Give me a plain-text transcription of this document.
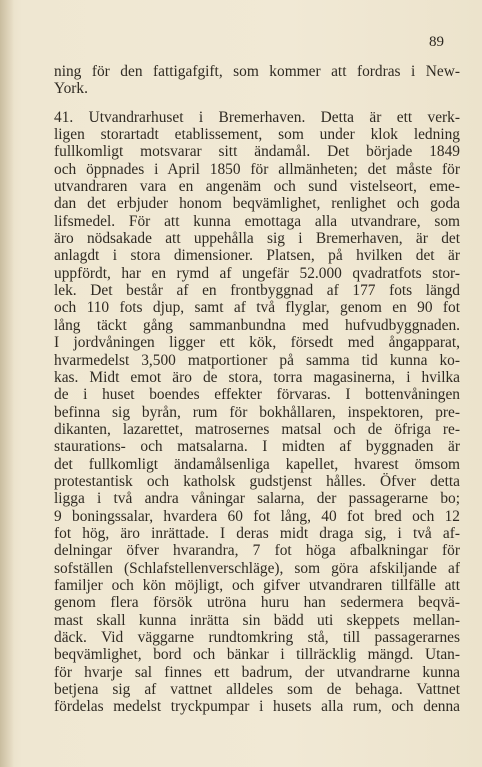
89
ning för den fattigafgift, som kommer att fordras i New-
York.
41. Utvandrarhuset i Bremerhaven. Detta är ett verk-
ligen storartadt etablissement, som under klok ledning
fullkomligt motsvarar sitt ändamål. Det började 1849
och öppnades i April 1850 för allmänheten; det måste för
utvandraren vara en angenäm och sund vistelseort, eme-
dan det erbjuder honom beqvämlighet, renlighet och goda
lifsmedel. För att kunna emottaga alla utvandrare, som
äro nödsakade att uppehålla sig i Bremerhaven, är det
anlagdt i stora dimensioner. Platsen, på hvilken det är
uppfördt, har en rymd af ungefär 52.000 qvadratfots stor-
lek. Det består af en frontbyggnad af 177 fots längd
och 110 fots djup, samt af två flyglar, genom en 90 fot
lång täckt gång sammanbundna med hufvudbyggnaden.
I jordvåningen ligger ett kök, försedt med ångapparat,
hvarmedelst 3,500 matportioner på samma tid kunna ko-
kas. Midt emot äro de stora, torra magasinerna, i hvilka
de i huset boendes effekter förvaras. I bottenvåningen
befinna sig byrån, rum för bokhållaren, inspektoren, pre-
dikanten, lazarettet, matrosernes matsal och de öfriga re-
staurations- och matsalarna. I midten af byggnaden är
det fullkomligt ändamålsenliga kapellet, hvarest ömsom
protestantisk och katholsk gudstjenst hålles. Öfver detta
ligga i två andra våningar salarna, der passagerarne bo;
9 boningssalar, hvardera 60 fot lång, 40 fot bred och 12
fot hög, äro inrättade. I deras midt draga sig, i två af-
delningar öfver hvarandra, 7 fot höga afbalkningar för
sofställen (Schlafstellenverschläge), som göra afskiljande af
familjer och kön möjligt, och gifver utvandraren tillfälle att
genom flera försök utröna huru han sedermera beqvä-
mast skall kunna inrätta sin bädd uti skeppets mellan-
däck. Vid väggarne rundtomkring stå, till passagerarnes
beqvämlighet, bord och bänkar i tillräcklig mängd. Utan-
för hvarje sal finnes ett badrum, der utvandrarne kunna
betjena sig af vattnet alldeles som de behaga. Vattnet
fördelas medelst tryckpumpar i husets alla rum, och denna
